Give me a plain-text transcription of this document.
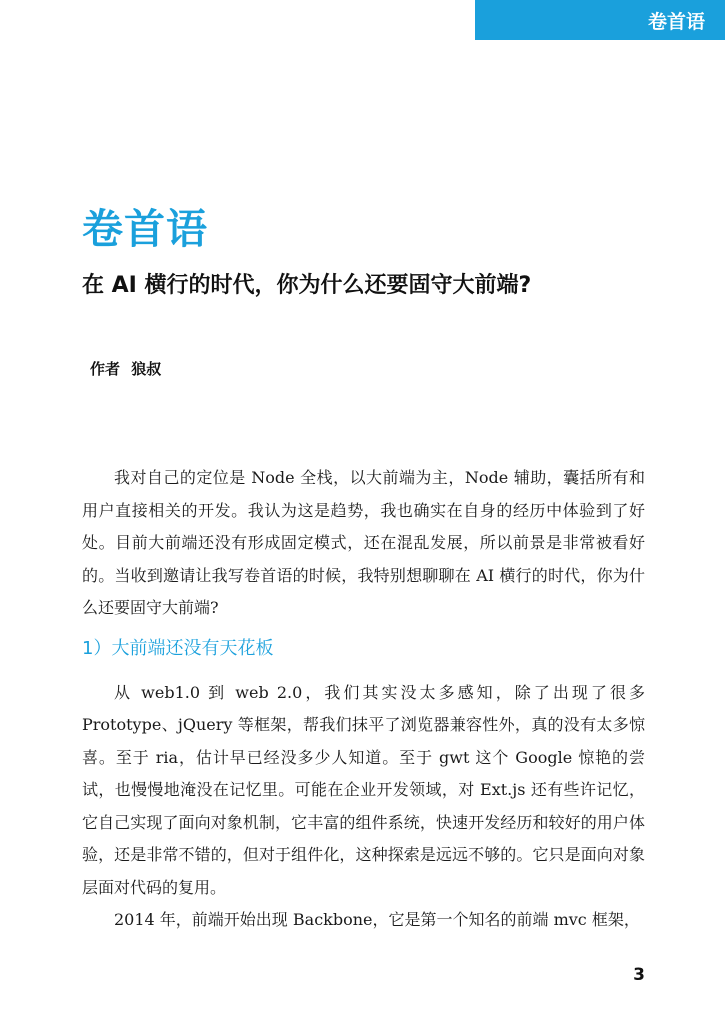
卷首语
卷首语
在 AI 横行的时代，你为什么还要固守大前端?
作者 狼叔

我对自己的定位是 Node 全栈，以大前端为主，Node 辅助，囊括所有和用户直接相关的开发。我认为这是趋势，我也确实在自身的经历中体验到了好处。目前大前端还没有形成固定模式，还在混乱发展，所以前景是非常被看好的。当收到邀请让我写卷首语的时候，我特别想聊聊在 AI 横行的时代，你为什么还要固守大前端?

1）大前端还没有天花板

从 web1.0 到 web 2.0，我们其实没太多感知，除了出现了很多 Prototype、jQuery 等框架，帮我们抹平了浏览器兼容性外，真的没有太多惊喜。至于 ria，估计早已经没多少人知道。至于 gwt 这个 Google 惊艳的尝试，也慢慢地淹没在记忆里。可能在企业开发领域，对 Ext.js 还有些许记忆，它自己实现了面向对象机制，它丰富的组件系统，快速开发经历和较好的用户体验，还是非常不错的，但对于组件化，这种探索是远远不够的。它只是面向对象层面对代码的复用。

2014 年，前端开始出现 Backbone，它是第一个知名的前端 mvc 框架，

3
